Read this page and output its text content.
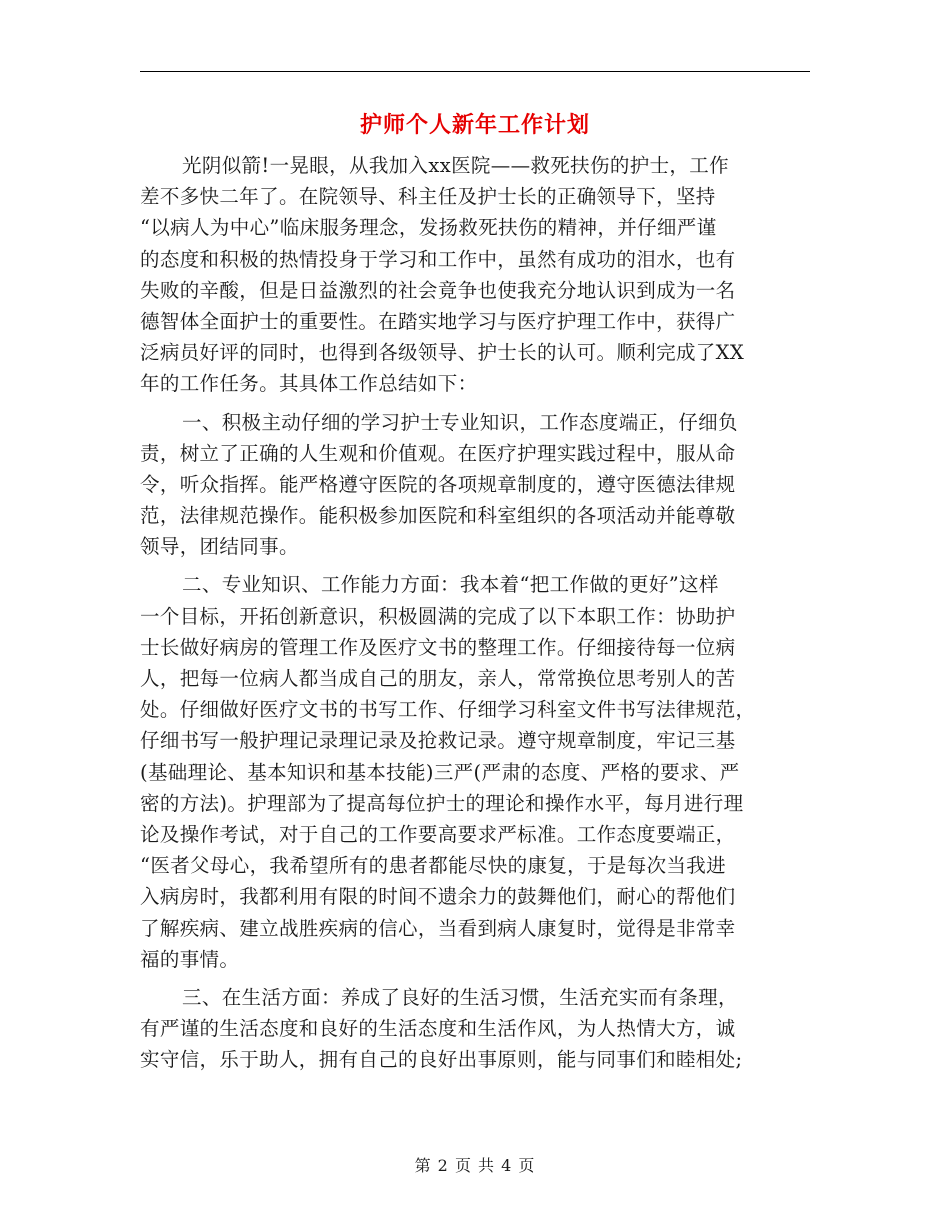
护师个人新年工作计划
光阴似箭!一晃眼，从我加入xx医院——救死扶伤的护士，工作
差不多快二年了。在院领导、科主任及护士长的正确领导下，坚持
“以病人为中心”临床服务理念，发扬救死扶伤的精神，并仔细严谨
的态度和积极的热情投身于学习和工作中，虽然有成功的泪水，也有
失败的辛酸，但是日益激烈的社会竟争也使我充分地认识到成为一名
德智体全面护士的重要性。在踏实地学习与医疗护理工作中，获得广
泛病员好评的同时，也得到各级领导、护士长的认可。顺利完成了XX
年的工作任务。其具体工作总结如下：
一、积极主动仔细的学习护士专业知识，工作态度端正，仔细负
责，树立了正确的人生观和价值观。在医疗护理实践过程中，服从命
令，听众指挥。能严格遵守医院的各项规章制度的，遵守医德法律规
范，法律规范操作。能积极参加医院和科室组织的各项活动并能尊敬
领导，团结同事。
二、专业知识、工作能力方面：我本着“把工作做的更好”这样
一个目标，开拓创新意识，积极圆满的完成了以下本职工作：协助护
士长做好病房的管理工作及医疗文书的整理工作。仔细接待每一位病
人，把每一位病人都当成自己的朋友，亲人，常常换位思考别人的苦
处。仔细做好医疗文书的书写工作、仔细学习科室文件书写法律规范，
仔细书写一般护理记录理记录及抢救记录。遵守规章制度，牢记三基
(基础理论、基本知识和基本技能)三严(严肃的态度、严格的要求、严
密的方法)。护理部为了提高每位护士的理论和操作水平，每月进行理
论及操作考试，对于自己的工作要高要求严标准。工作态度要端正，
“医者父母心，我希望所有的患者都能尽快的康复，于是每次当我进
入病房时，我都利用有限的时间不遗余力的鼓舞他们，耐心的帮他们
了解疾病、建立战胜疾病的信心，当看到病人康复时，觉得是非常幸
福的事情。
三、在生活方面：养成了良好的生活习惯，生活充实而有条理，
有严谨的生活态度和良好的生活态度和生活作风，为人热情大方，诚
实守信，乐于助人，拥有自己的良好出事原则，能与同事们和睦相处;
第 2 页 共 4 页
